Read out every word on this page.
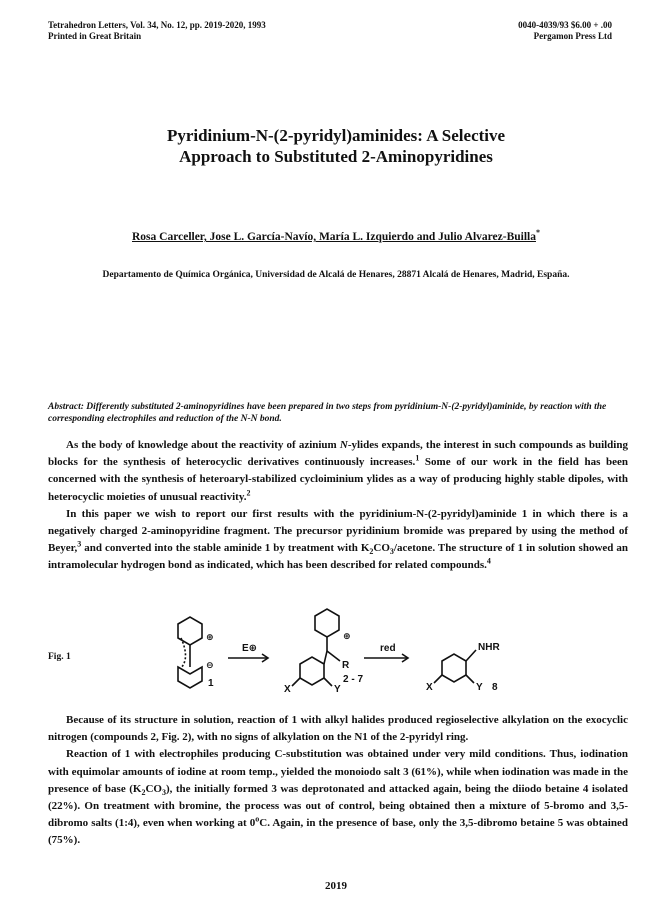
Tetrahedron Letters, Vol. 34, No. 12, pp. 2019-2020, 1993
Printed in Great Britain
0040-4039/93 $6.00 + .00
Pergamon Press Ltd
Pyridinium-N-(2-pyridyl)aminides: A Selective
Approach to Substituted 2-Aminopyridines
Rosa Carceller, Jose L. García-Navío, María L. Izquierdo and Julio Alvarez-Builla*
Departamento de Química Orgánica, Universidad de Alcalá de Henares, 28871 Alcalá de Henares, Madrid, España.
Abstract: Differently substituted 2-aminopyridines have been prepared in two steps from pyridinium-N-(2-pyridyl)aminide, by reaction with the corresponding electrophiles and reduction of the N-N bond.

As the body of knowledge about the reactivity of azinium N-ylides expands, the interest in such compounds as building blocks for the synthesis of heterocyclic derivatives continuously increases.$^1$ Some of our work in the field has been concerned with the synthesis of heteroaryl-stabilized cycloiminium ylides as a way of producing highly stable dipoles, with heterocyclic moieties of unusual reactivity.$^2$

In this paper we wish to report our first results with the pyridinium-N-(2-pyridyl)aminide 1 in which there is a negatively charged 2-aminopyridine fragment. The precursor pyridinium bromide was prepared by using the method of Beyer,$^3$ and converted into the stable aminide 1 by treatment with $K_2CO_3$/acetone. The structure of 1 in solution showed an intramolecular hydrogen bond as indicated, which has been described for related compounds.$^4$

Fig. 1
⊕
⊖
1
E⊕
⊕
R
X	Y
2 - 7
red	NHR
X	Y 8

Because of its structure in solution, reaction of 1 with alkyl halides produced regioselective alkylation on the exocyclic nitrogen (compounds 2, Fig. 2), with no signs of alkylation on the N1 of the 2-pyridyl ring.

Reaction of 1 with electrophiles producing C-substitution was obtained under very mild conditions. Thus, iodination with equimolar amounts of iodine at room temp., yielded the monoiodo salt 3 (61%), while when iodination was made in the presence of base $(K_2CO_3)$, the initially formed 3 was deprotonated and attacked again, being the diiodo betaine 4 isolated (22%). On treatment with bromine, the process was out of control, being obtained then a mixture of 5-bromo and 3,5-dibromo salts (1:4), even when working at 0$^o$C. Again, in the presence of base, only the 3,5-dibromo betaine 5 was obtained (75%).

2019
